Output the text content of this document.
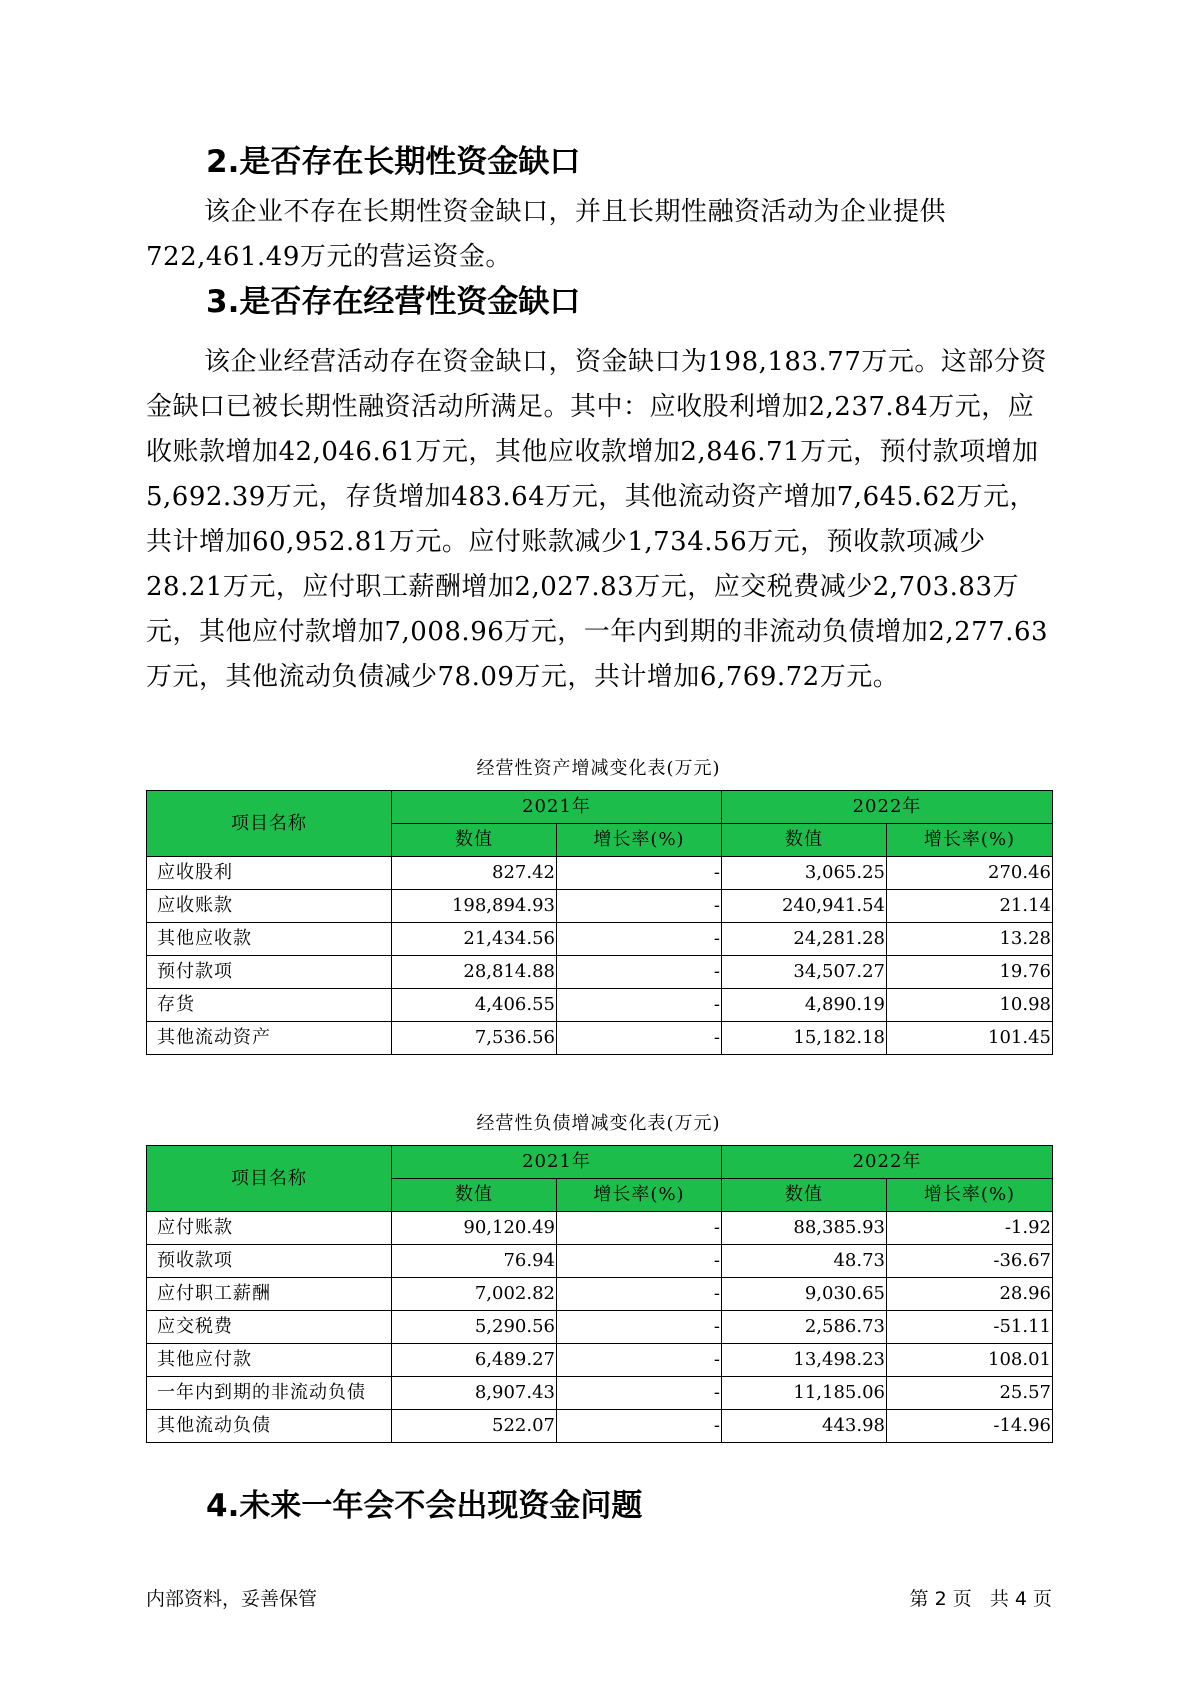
2.是否存在长期性资金缺口

该企业不存在长期性资金缺口，并且长期性融资活动为企业提供722,461.49万元的营运资金。

3.是否存在经营性资金缺口

该企业经营活动存在资金缺口，资金缺口为198,183.77万元。这部分资金缺口已被长期性融资活动所满足。其中：应收股利增加2,237.84万元，应收账款增加42,046.61万元，其他应收款增加2,846.71万元，预付款项增加5,692.39万元，存货增加483.64万元，其他流动资产增加7,645.62万元，共计增加60,952.81万元。应付账款减少1,734.56万元，预收款项减少28.21万元，应付职工薪酬增加2,027.83万元，应交税费减少2,703.83万元，其他应付款增加7,008.96万元，一年内到期的非流动负债增加2,277.63万元，其他流动负债减少78.09万元，共计增加6,769.72万元。

经营性资产增减变化表(万元)
项目名称	2021年		2022年	
	数值	增长率(%)	数值	增长率(%)
应收股利	827.42	-	3,065.25	270.46
应收账款	198,894.93	-	240,941.54	21.14
其他应收款	21,434.56	-	24,281.28	13.28
预付款项	28,814.88	-	34,507.27	19.76
存货	4,406.55	-	4,890.19	10.98
其他流动资产	7,536.56	-	15,182.18	101.45
经营性负债增减变化表(万元)
项目名称	2021年		2022年	
	数值	增长率(%)	数值	增长率(%)
应付账款	90,120.49	-	88,385.93	-1.92
预收款项	76.94	-	48.73	-36.67
应付职工薪酬	7,002.82	-	9,030.65	28.96
应交税费	5,290.56	-	2,586.73	-51.11
其他应付款	6,489.27	-	13,498.23	108.01
一年内到期的非流动负债	8,907.43	-	11,185.06	25.57
其他流动负债	522.07	-	443.98	-14.96
4.未来一年会不会出现资金问题
内部资料，妥善保管	第 2 页   共 4 页
